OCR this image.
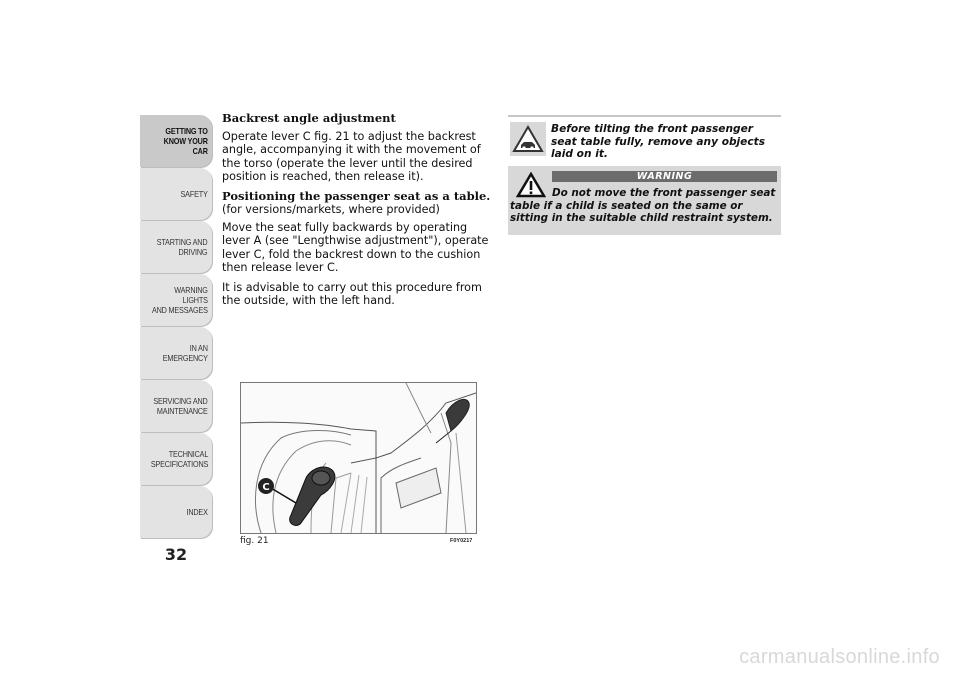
GETTING TO
KNOW YOUR CAR
SAFETY
STARTING AND
DRIVING
WARNING LIGHTS
AND MESSAGES
IN AN EMERGENCY
SERVICING AND
MAINTENANCE
TECHNICAL
SPECIFICATIONS
INDEX
32
Backrest angle adjustment

Operate lever C fig. 21 to adjust the backrest angle, accompanying it with the movement of the torso (operate the lever until the desired position is reached, then release it).

Positioning the passenger seat as a table.

(for versions/markets, where provided)

Move the seat fully backwards by operating lever A (see "Lengthwise adjustment"), operate lever C, fold the backrest down to the cushion then release lever C.

It is advisable to carry out this procedure from the outside, with the left hand.

C
fig. 21	F0Y0217
Before tilting the front passenger seat table fully, remove any objects laid on it.
WARNING
Do not move the front passenger seat table if a child is seated on the same or sitting in the suitable child restraint system.
carmanualsonline.info
